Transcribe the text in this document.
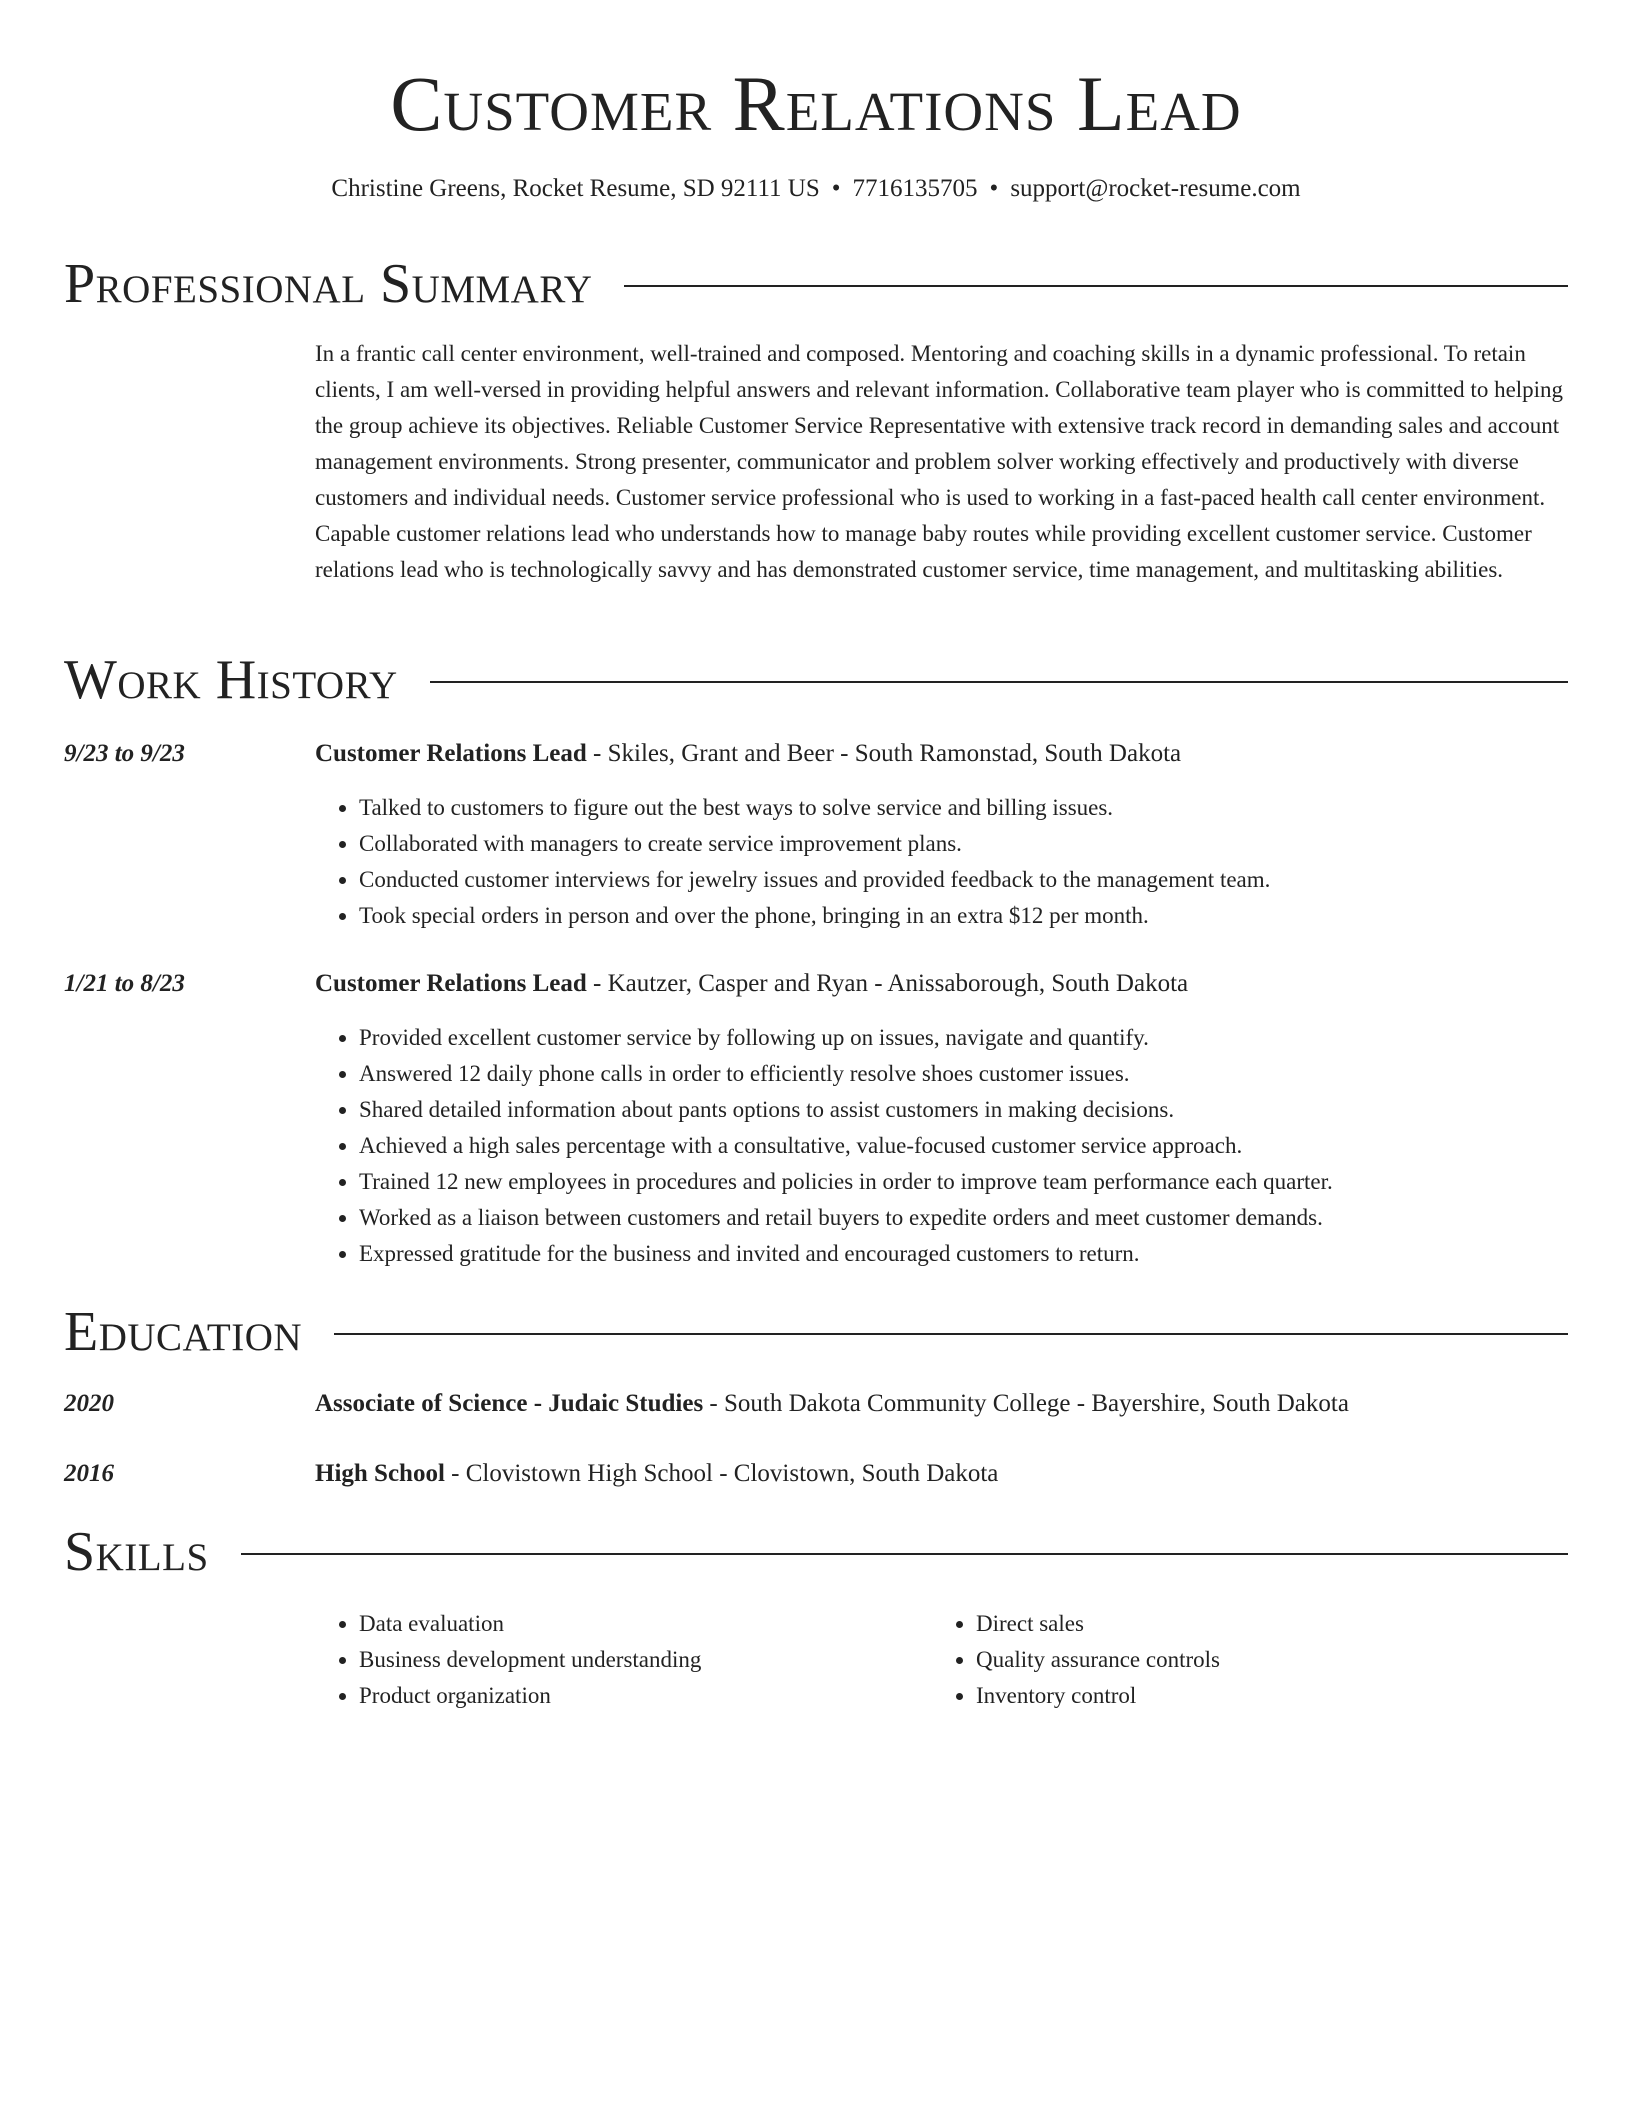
Customer Relations Lead

Christine Greens, Rocket Resume, SD 92111 US • 7716135705 • support@rocket-resume.com

Professional Summary

In a frantic call center environment, well-trained and composed. Mentoring and coaching skills in a dynamic professional. To retain clients, I am well-versed in providing helpful answers and relevant information. Collaborative team player who is committed to helping the group achieve its objectives. Reliable Customer Service Representative with extensive track record in demanding sales and account management environments. Strong presenter, communicator and problem solver working effectively and productively with diverse customers and individual needs. Customer service professional who is used to working in a fast-paced health call center environment. Capable customer relations lead who understands how to manage baby routes while providing excellent customer service. Customer relations lead who is technologically savvy and has demonstrated customer service, time management, and multitasking abilities.

Work History
9/23 to 9/23	Customer Relations Lead - Skiles, Grant and Beer - South Ramonstad, South Dakota
• Talked to customers to figure out the best ways to solve service and billing issues.
• Collaborated with managers to create service improvement plans.
• Conducted customer interviews for jewelry issues and provided feedback to the management team.
• Took special orders in person and over the phone, bringing in an extra $12 per month.
1/21 to 8/23	Customer Relations Lead - Kautzer, Casper and Ryan - Anissaborough, South Dakota
• Provided excellent customer service by following up on issues, navigate and quantify.
• Answered 12 daily phone calls in order to efficiently resolve shoes customer issues.
• Shared detailed information about pants options to assist customers in making decisions.
• Achieved a high sales percentage with a consultative, value-focused customer service approach.
• Trained 12 new employees in procedures and policies in order to improve team performance each quarter.
• Worked as a liaison between customers and retail buyers to expedite orders and meet customer demands.
• Expressed gratitude for the business and invited and encouraged customers to return.
Education
2020	Associate of Science - Judaic Studies - South Dakota Community College - Bayershire, South Dakota
2016	High School - Clovistown High School - Clovistown, South Dakota
Skills
• Data evaluation
• Business development understanding
• Product organization
• Direct sales
• Quality assurance controls
• Inventory control
